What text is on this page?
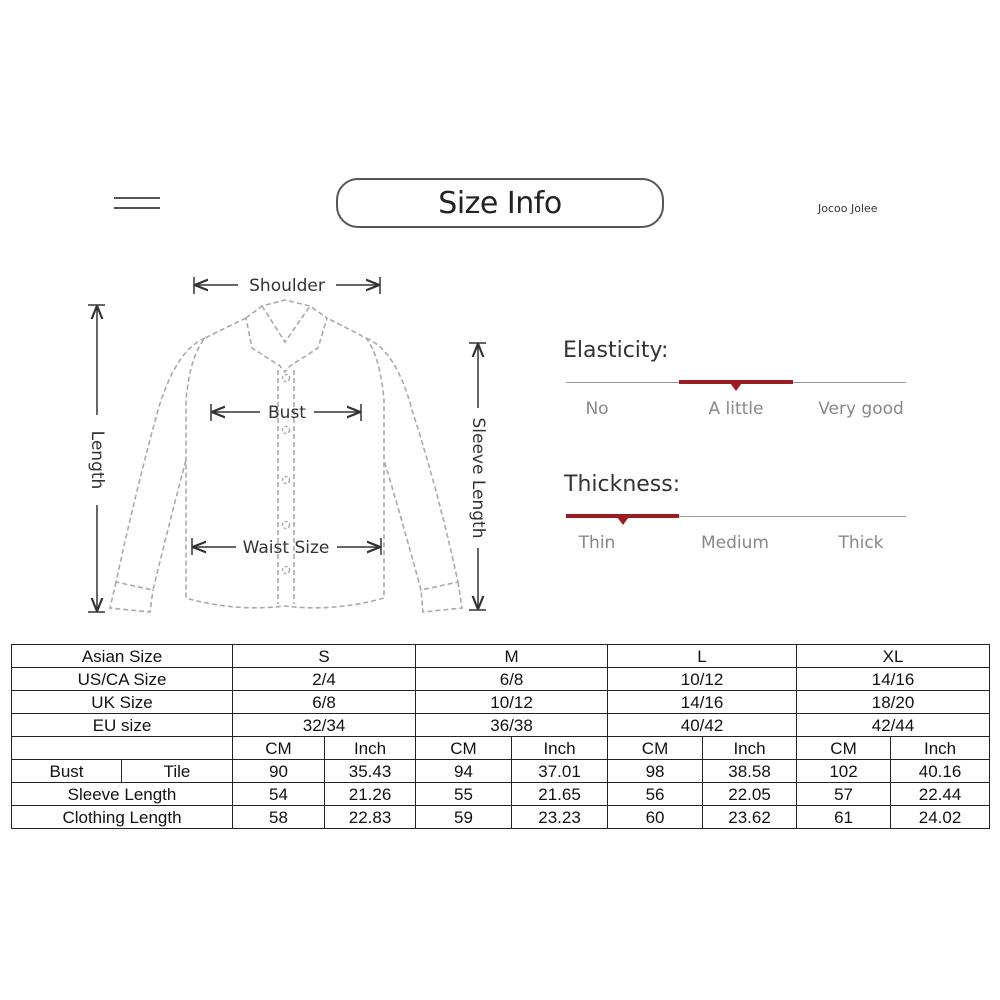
Size Info	Jocoo Jolee
Shoulder
Bust
Waist Size
Length	Sleeve Length
Elasticity:
No	A little	Very good
Thickness:
Thin	Medium	Thick
Asian Size		S		M		L		XL	
US/CA Size		2/4		6/8		10/12		14/16	
UK Size		6/8		10/12		14/16		18/20	
EU size		32/34		36/38		40/42		42/44	
		CM	Inch	CM	Inch	CM	Inch	CM	Inch
Bust	Tile	90	35.43	94	37.01	98	38.58	102	40.16
Sleeve Length		54	21.26	55	21.65	56	22.05	57	22.44
Clothing Length		58	22.83	59	23.23	60	23.62	61	24.02
